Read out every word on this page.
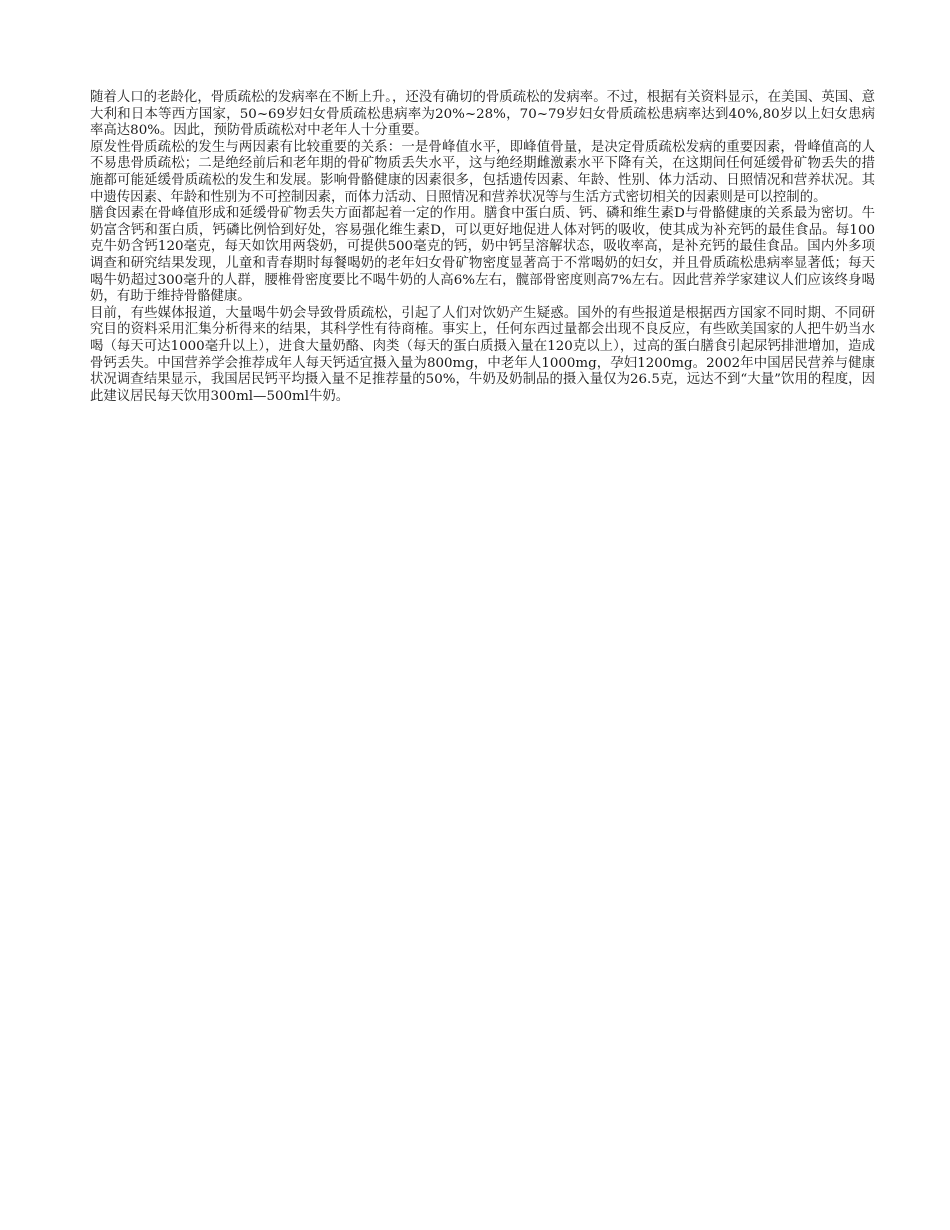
随着人口的老龄化，骨质疏松的发病率在不断上升。，还没有确切的骨质疏松的发病率。不过，根据有关资料显示，在美国、英国、意大利和日本等西方国家，50~69岁妇女骨质疏松患病率为20%~28%，70~79岁妇女骨质疏松患病率达到40%,80岁以上妇女患病率高达80%。因此，预防骨质疏松对中老年人十分重要。

原发性骨质疏松的发生与两因素有比较重要的关系：一是骨峰值水平，即峰值骨量，是决定骨质疏松发病的重要因素，骨峰值高的人不易患骨质疏松；二是绝经前后和老年期的骨矿物质丢失水平，这与绝经期雌激素水平下降有关，在这期间任何延缓骨矿物丢失的措施都可能延缓骨质疏松的发生和发展。影响骨骼健康的因素很多，包括遗传因素、年龄、性别、体力活动、日照情况和营养状况。其中遗传因素、年龄和性别为不可控制因素，而体力活动、日照情况和营养状况等与生活方式密切相关的因素则是可以控制的。

膳食因素在骨峰值形成和延缓骨矿物丢失方面都起着一定的作用。膳食中蛋白质、钙、磷和维生素D与骨骼健康的关系最为密切。牛奶富含钙和蛋白质，钙磷比例恰到好处，容易强化维生素D，可以更好地促进人体对钙的吸收，使其成为补充钙的最佳食品。每100克牛奶含钙120毫克，每天如饮用两袋奶，可提供500毫克的钙，奶中钙呈溶解状态，吸收率高，是补充钙的最佳食品。国内外多项调查和研究结果发现，儿童和青春期时每餐喝奶的老年妇女骨矿物密度显著高于不常喝奶的妇女，并且骨质疏松患病率显著低；每天喝牛奶超过300毫升的人群，腰椎骨密度要比不喝牛奶的人高6%左右，髋部骨密度则高7%左右。因此营养学家建议人们应该终身喝奶，有助于维持骨骼健康。

目前，有些媒体报道，大量喝牛奶会导致骨质疏松，引起了人们对饮奶产生疑惑。国外的有些报道是根据西方国家不同时期、不同研究目的资料采用汇集分析得来的结果，其科学性有待商榷。事实上，任何东西过量都会出现不良反应，有些欧美国家的人把牛奶当水喝（每天可达1000毫升以上），进食大量奶酪、肉类（每天的蛋白质摄入量在120克以上），过高的蛋白膳食引起尿钙排泄增加，造成骨钙丢失。中国营养学会推荐成年人每天钙适宜摄入量为800mg，中老年人1000mg，孕妇1200mg。2002年中国居民营养与健康状况调查结果显示，我国居民钙平均摄入量不足推荐量的50%，牛奶及奶制品的摄入量仅为26.5克，远达不到“大量”饮用的程度，因此建议居民每天饮用300ml—500ml牛奶。
